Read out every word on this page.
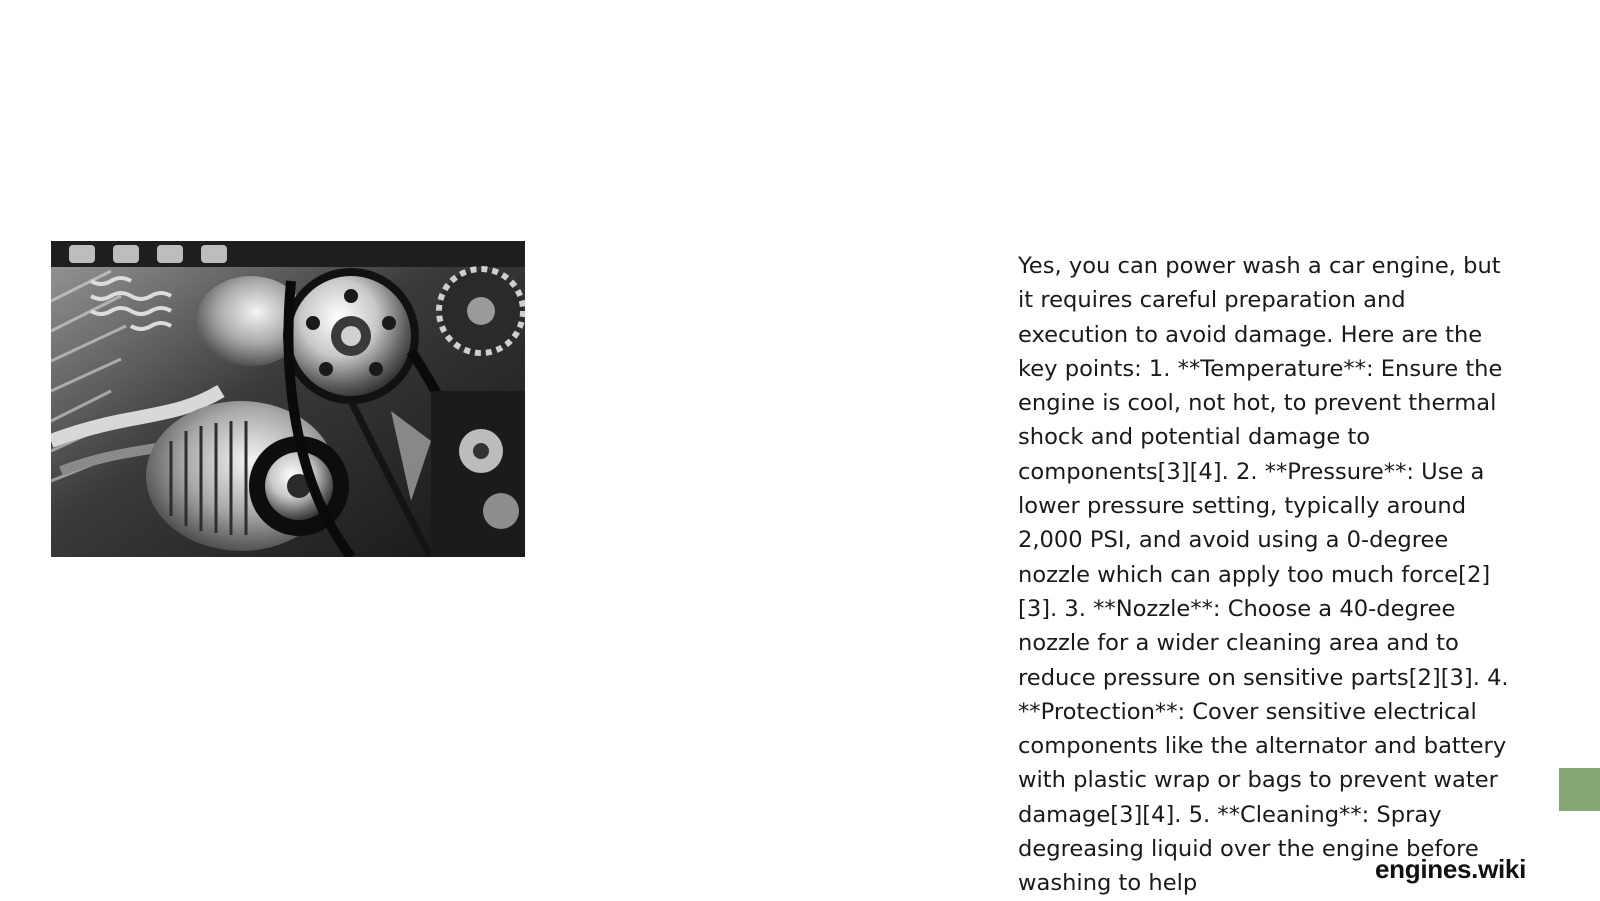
Yes, you can power wash a car engine, but it requires careful preparation and execution to avoid damage. Here are the key points: 1. **Temperature**: Ensure the engine is cool, not hot, to prevent thermal shock and potential damage to components[3][4]. 2. **Pressure**: Use a lower pressure setting, typically around 2,000 PSI, and avoid using a 0-degree nozzle which can apply too much force[2][3]. 3. **Nozzle**: Choose a 40-degree nozzle for a wider cleaning area and to reduce pressure on sensitive parts[2][3]. 4. **Protection**: Cover sensitive electrical components like the alternator and battery with plastic wrap or bags to prevent water damage[3][4]. 5. **Cleaning**: Spray degreasing liquid over the engine before washing to help	engines.wiki
